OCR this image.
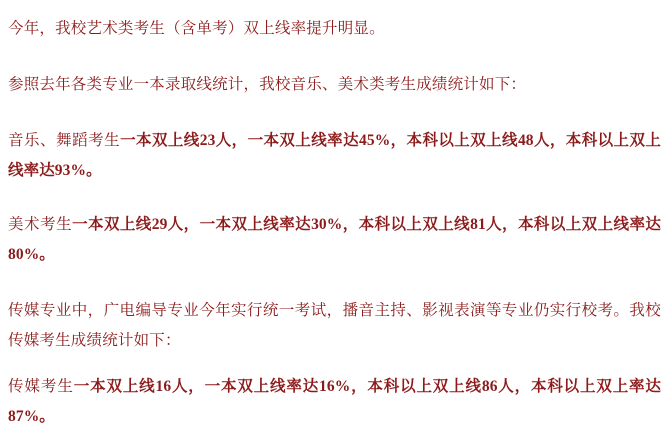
今年，我校艺术类考生（含单考）双上线率提升明显。

参照去年各类专业一本录取线统计，我校音乐、美术类考生成绩统计如下：

音乐、舞蹈考生一本双上线23人，一本双上线率达45%，本科以上双上线48人，本科以上双上线率达93%。

美术考生一本双上线29人，一本双上线率达30%，本科以上双上线81人，本科以上双上线率达80%。

传媒专业中，广电编导专业今年实行统一考试，播音主持、影视表演等专业仍实行校考。我校传媒考生成绩统计如下：

传媒考生一本双上线16人，一本双上线率达16%，本科以上双上线86人，本科以上双上率达87%。
